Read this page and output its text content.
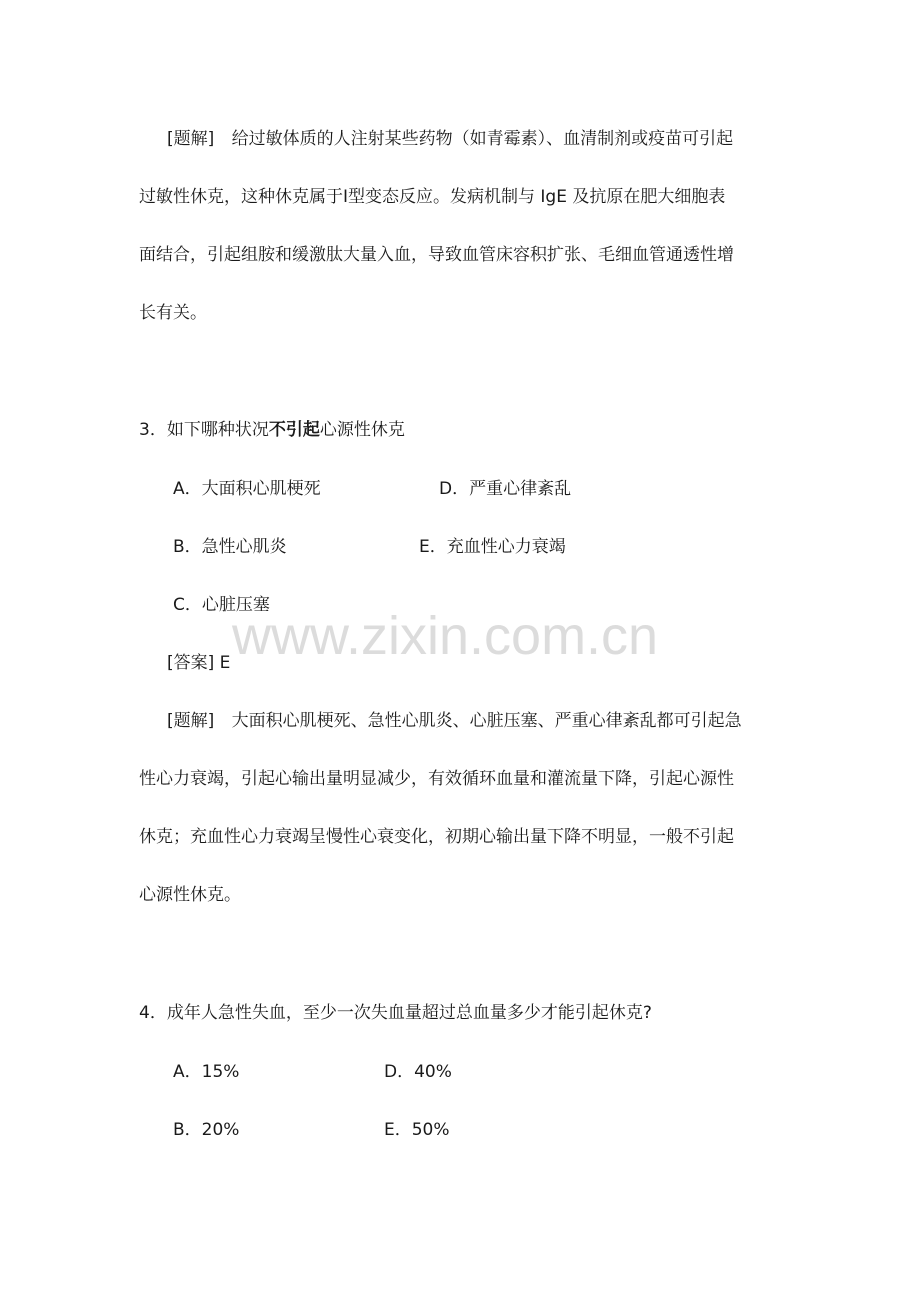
[题解] 给过敏体质的人注射某些药物（如青霉素）、血清制剂或疫苗可引起
过敏性休克，这种休克属于Ⅰ型变态反应。发病机制与 IgE 及抗原在肥大细胞表
面结合，引起组胺和缓激肽大量入血，导致血管床容积扩张、毛细血管通透性增
长有关。
3．如下哪种状况不引起心源性休克
A．大面积心肌梗死	D．严重心律紊乱
B．急性心肌炎	E．充血性心力衰竭
C．心脏压塞
[答案] E
[题解] 大面积心肌梗死、急性心肌炎、心脏压塞、严重心律紊乱都可引起急
性心力衰竭，引起心输出量明显减少，有效循环血量和灌流量下降，引起心源性
休克；充血性心力衰竭呈慢性心衰变化，初期心输出量下降不明显，一般不引起
心源性休克。
4．成年人急性失血，至少一次失血量超过总血量多少才能引起休克?
A．15%	D．40%
B．20%	E．50%
www.zixin.com.cn
